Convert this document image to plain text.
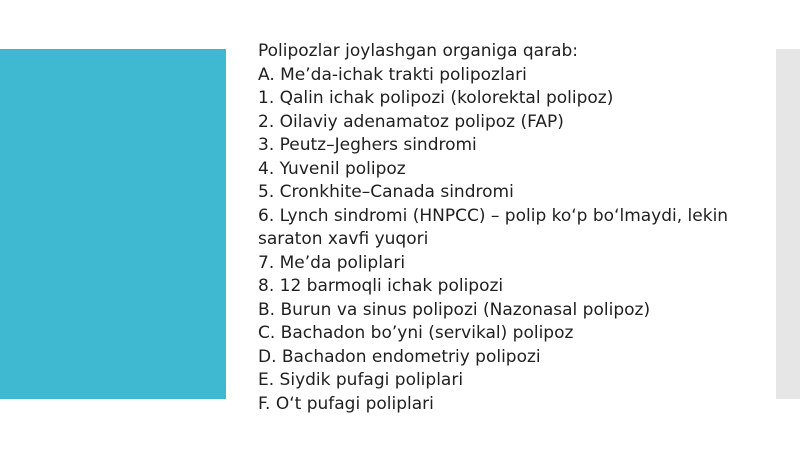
Polipozlar joylashgan organiga qarab:
A. Me’da-ichak trakti polipozlari
1. Qalin ichak polipozi (kolorektal polipoz)
2. Oilaviy adenamatoz polipoz (FAP)
3. Peutz–Jeghers sindromi
4. Yuvenil polipoz
5. Cronkhite–Canada sindromi
6. Lynch sindromi (HNPCC) – polip ko‘p bo‘lmaydi, lekin saraton xavfi yuqori
7. Me’da poliplari
8. 12 barmoqli ichak polipozi
B. Burun va sinus polipozi (Nazonasal polipoz)
C. Bachadon bo’yni (servikal) polipoz
D. Bachadon endometriy polipozi
E. Siydik pufagi poliplari
F. O‘t pufagi poliplari
